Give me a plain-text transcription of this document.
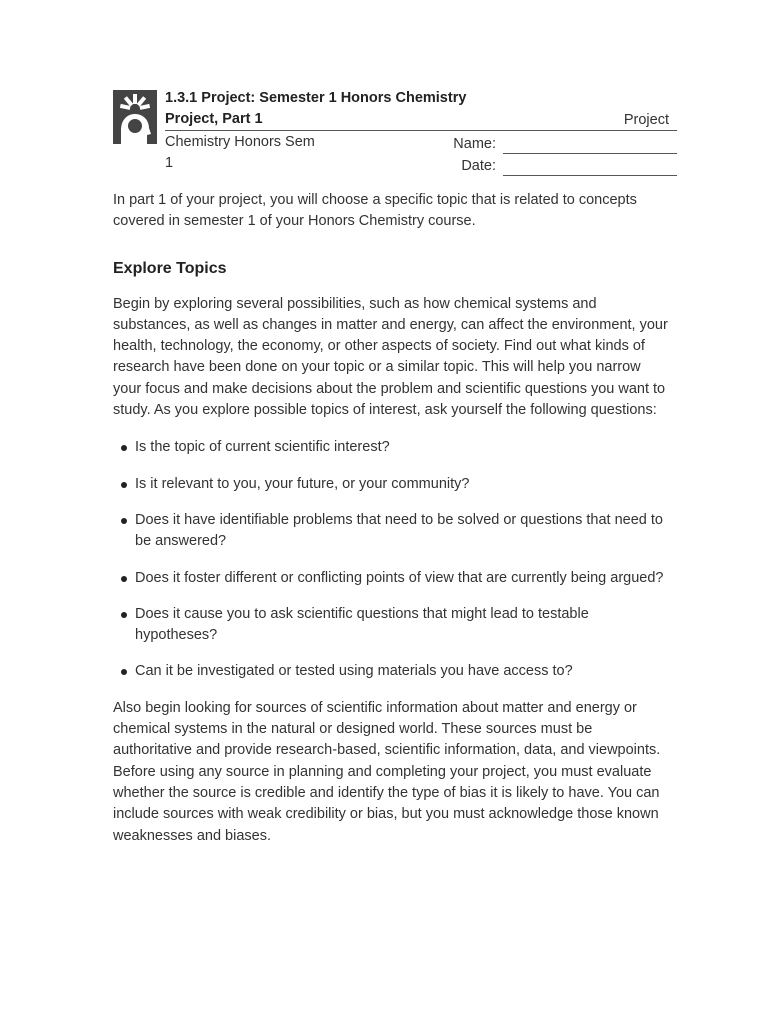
1.3.1 Project: Semester 1 Honors Chemistry
Project, Part 1	Project
Chemistry Honors Sem
1
Name:
Date:

In part 1 of your project, you will choose a specific topic that is related to concepts covered in semester 1 of your Honors Chemistry course.

Explore Topics

Begin by exploring several possibilities, such as how chemical systems and substances, as well as changes in matter and energy, can affect the environment, your health, technology, the economy, or other aspects of society. Find out what kinds of research have been done on your topic or a similar topic. This will help you narrow your focus and make decisions about the problem and scientific questions you want to study. As you explore possible topics of interest, ask yourself the following questions:

Is the topic of current scientific interest?
Is it relevant to you, your future, or your community?
Does it have identifiable problems that need to be solved or questions that need to be answered?
Does it foster different or conflicting points of view that are currently being argued?
Does it cause you to ask scientific questions that might lead to testable hypotheses?
Can it be investigated or tested using materials you have access to?

Also begin looking for sources of scientific information about matter and energy or chemical systems in the natural or designed world. These sources must be authoritative and provide research-based, scientific information, data, and viewpoints. Before using any source in planning and completing your project, you must evaluate whether the source is credible and identify the type of bias it is likely to have. You can include sources with weak credibility or bias, but you must acknowledge those known weaknesses and biases.
